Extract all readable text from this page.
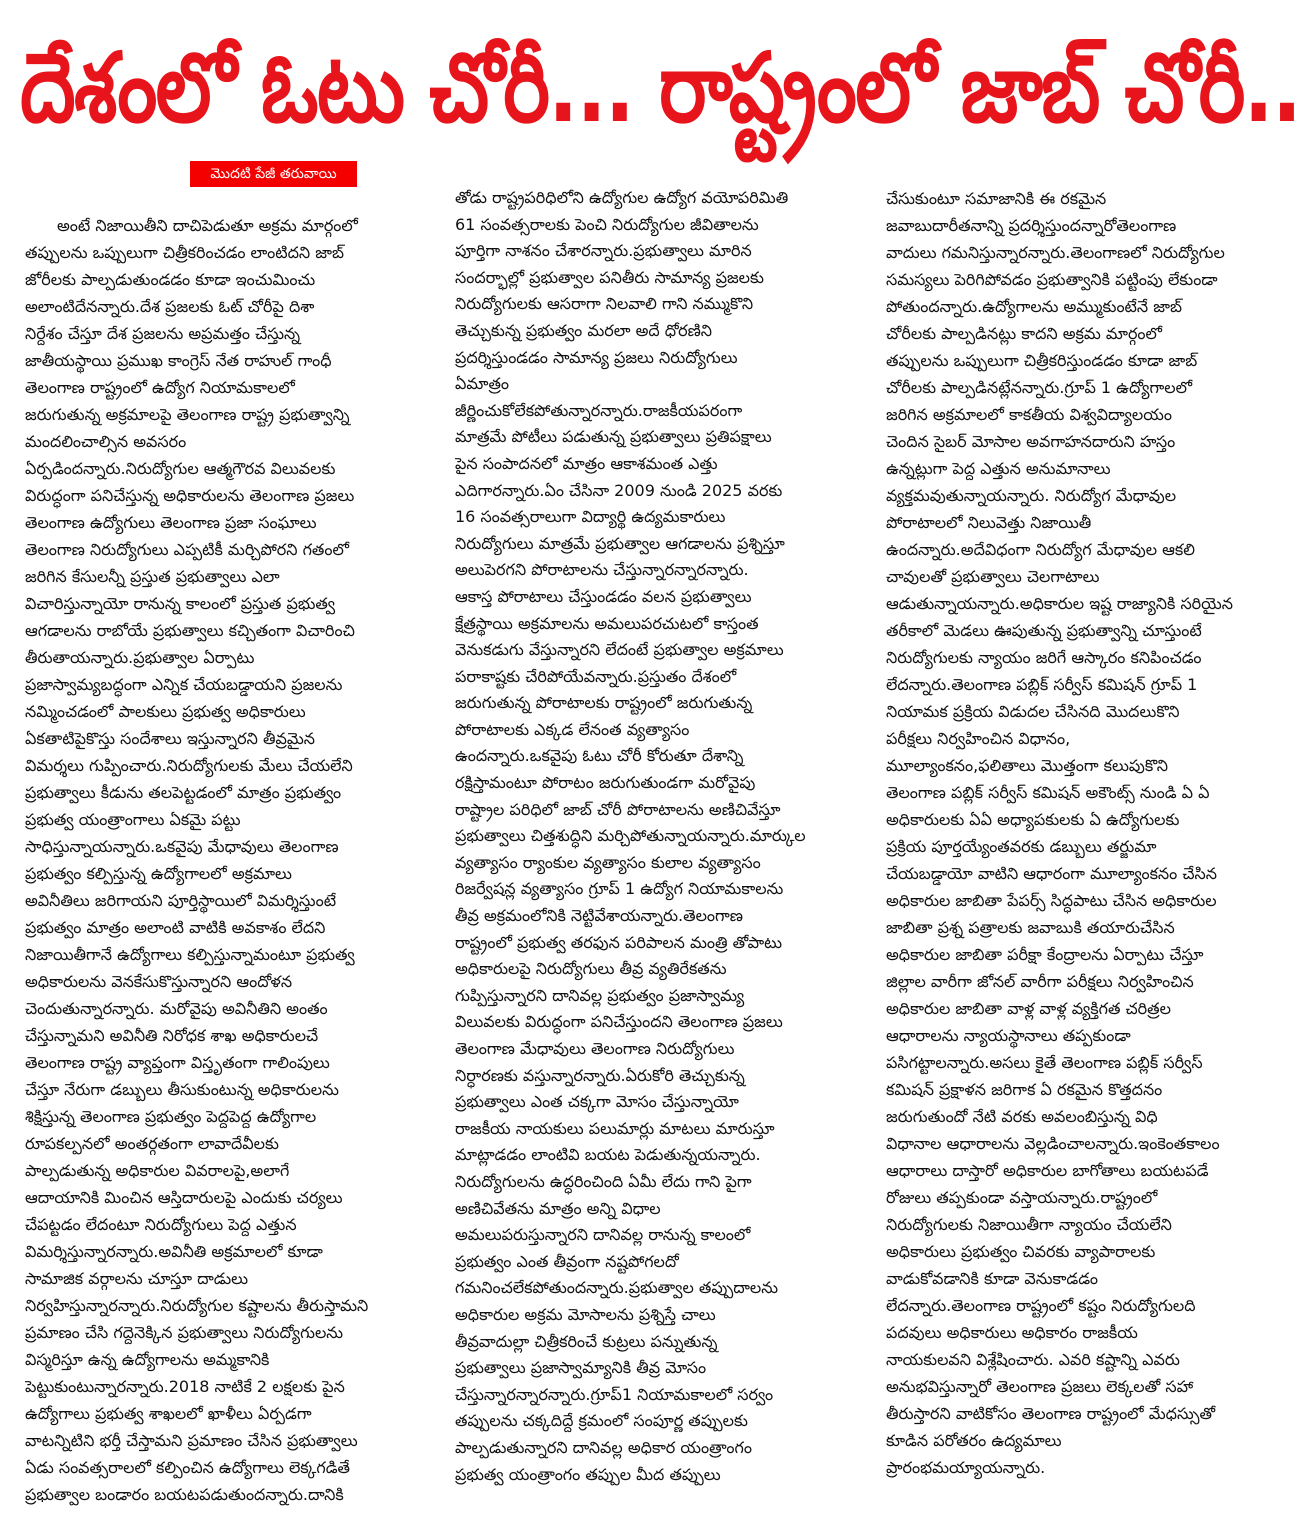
దేశంలో ఓటు చోరీ... రాష్ట్రంలో జాబ్ చోరీ..
మొదటి పేజీ తరువాయి
అంటే నిజాయితీని దాచిపెడుతూ అక్రమ మార్గంలో
తప్పులను ఒప్పులుగా చిత్రీకరించడం లాంటిదని జాబ్
జోరీలకు పాల్పడుతుండడం కూడా ఇంచుమించు
అలాంటిదేనన్నారు.దేశ ప్రజలకు ఓట్ చోరీపై దిశా
నిర్దేశం చేస్తూ దేశ ప్రజలను అప్రమత్తం చేస్తున్న
జాతీయస్థాయి ప్రముఖ కాంగ్రెస్ నేత రాహుల్ గాంధీ
తెలంగాణ రాష్ట్రంలో ఉద్యోగ నియామకాలలో
జరుగుతున్న అక్రమాలపై తెలంగాణ రాష్ట్ర ప్రభుత్వాన్ని
మందలించాల్సిన అవసరం
ఏర్పడిందన్నారు.నిరుద్యోగుల ఆత్మగౌరవ విలువలకు
విరుద్ధంగా పనిచేస్తున్న అధికారులను తెలంగాణ ప్రజలు
తెలంగాణ ఉద్యోగులు తెలంగాణ ప్రజా సంఘాలు
తెలంగాణ నిరుద్యోగులు ఎప్పటికీ మర్చిపోరని గతంలో
జరిగిన కేసులన్నీ ప్రస్తుత ప్రభుత్వాలు ఎలా
విచారిస్తున్నాయో రానున్న కాలంలో ప్రస్తుత ప్రభుత్వ
ఆగడాలను రాబోయే ప్రభుత్వాలు కచ్చితంగా విచారించి
తీరుతాయన్నారు.ప్రభుత్వాల ఏర్పాటు
ప్రజాస్వామ్యబద్ధంగా ఎన్నిక చేయబడ్డాయని ప్రజలను
నమ్మించడంలో పాలకులు ప్రభుత్వ అధికారులు
ఏకతాటిపైకొస్తు సందేశాలు ఇస్తున్నారని తీవ్రమైన
విమర్శలు గుప్పించారు.నిరుద్యోగులకు మేలు చేయలేని
ప్రభుత్వాలు కీడును తలపెట్టడంలో మాత్రం ప్రభుత్వం
ప్రభుత్వ యంత్రాంగాలు ఏకమై పట్టు
సాధిస్తున్నాయన్నారు.ఒకవైపు మేధావులు తెలంగాణ
ప్రభుత్వం కల్పిస్తున్న ఉద్యోగాలలో అక్రమాలు
అవినీతిలు జరిగాయని పూర్తిస్థాయిలో విమర్శిస్తుంటే
ప్రభుత్వం మాత్రం అలాంటి వాటికి అవకాశం లేదని
నిజాయితీగానే ఉద్యోగాలు కల్పిస్తున్నామంటూ ప్రభుత్వ
అధికారులను వెనకేసుకొస్తున్నారని ఆందోళన
చెందుతున్నారన్నారు. మరోవైపు అవినీతిని అంతం
చేస్తున్నామని అవినీతి నిరోధక శాఖ అధికారులచే
తెలంగాణ రాష్ట్ర వ్యాప్తంగా విస్తృతంగా గాలింపులు
చేస్తూ నేరుగా డబ్బులు తీసుకుంటున్న అధికారులను
శిక్షిస్తున్న తెలంగాణ ప్రభుత్వం పెద్దపెద్ద ఉద్యోగాల
రూపకల్పనలో అంతర్గతంగా లావాదేవీలకు
పాల్పడుతున్న అధికారుల వివరాలపై,అలాగే
ఆదాయానికి మించిన ఆస్తిదారులపై ఎందుకు చర్యలు
చేపట్టడం లేదంటూ నిరుద్యోగులు పెద్ద ఎత్తున
విమర్శిస్తున్నారన్నారు.అవినీతి అక్రమాలలో కూడా
సామాజిక వర్గాలను చూస్తూ దాడులు
నిర్వహిస్తున్నారన్నారు.నిరుద్యోగుల కష్టాలను తీరుస్తామని
ప్రమాణం చేసి గద్దెనెక్కిన ప్రభుత్వాలు నిరుద్యోగులను
విస్మరిస్తూ ఉన్న ఉద్యోగాలను అమ్మకానికి
పెట్టుకుంటున్నారన్నారు.2018 నాటికే 2 లక్షలకు పైన
ఉద్యోగాలు ప్రభుత్వ శాఖలలో ఖాళీలు ఏర్పడగా
వాటన్నిటిని భర్తీ చేస్తామని ప్రమాణం చేసిన ప్రభుత్వాలు
ఏడు సంవత్సరాలలో కల్పించిన ఉద్యోగాలు లెక్కగడితే
ప్రభుత్వాల బండారం బయటపడుతుందన్నారు.దానికి
తోడు రాష్ట్రపరిధిలోని ఉద్యోగుల ఉద్యోగ వయోపరిమితి
61 సంవత్సరాలకు పెంచి నిరుద్యోగుల జీవితాలను
పూర్తిగా నాశనం చేశారన్నారు.ప్రభుత్వాలు మారిన
సందర్భాల్లో ప్రభుత్వాల పనితీరు సామాన్య ప్రజలకు
నిరుద్యోగులకు ఆసరాగా నిలవాలి గాని నమ్ముకొని
తెచ్చుకున్న ప్రభుత్వం మరలా అదే ధోరణిని
ప్రదర్శిస్తుండడం సామాన్య ప్రజలు నిరుద్యోగులు
ఏమాత్రం
జీర్ణించుకోలేకపోతున్నారన్నారు.రాజకీయపరంగా
మాత్రమే పోటీలు పడుతున్న ప్రభుత్వాలు ప్రతిపక్షాలు
పైన సంపాదనలో మాత్రం ఆకాశమంత ఎత్తు
ఎదిగారన్నారు.ఏం చేసినా 2009 నుండి 2025 వరకు
16 సంవత్సరాలుగా విద్యార్థి ఉద్యమకారులు
నిరుద్యోగులు మాత్రమే ప్రభుత్వాల ఆగడాలను ప్రశ్నిస్తూ
అలుపెరగని పోరాటాలను చేస్తున్నారన్నారన్నారు.
ఆకాస్త పోరాటాలు చేస్తుండడం వలన ప్రభుత్వాలు
క్షేత్రస్థాయి అక్రమాలను అమలుపరచుటలో కాస్తంత
వెనుకడుగు వేస్తున్నారని లేదంటే ప్రభుత్వాల అక్రమాలు
పరాకాష్టకు చేరిపోయేవన్నారు.ప్రస్తుతం దేశంలో
జరుగుతున్న పోరాటాలకు రాష్ట్రంలో జరుగుతున్న
పోరాటాలకు ఎక్కడ లేనంత వ్యత్యాసం
ఉందన్నారు.ఒకవైపు ఓటు చోరీ కోరుతూ దేశాన్ని
రక్షిస్తామంటూ పోరాటం జరుగుతుండగా మరోవైపు
రాష్ట్రాల పరిధిలో జాబ్ చోరీ పోరాటాలను అణిచివేస్తూ
ప్రభుత్వాలు చిత్తశుద్ధిని మర్చిపోతున్నాయన్నారు.మార్కుల
వ్యత్యాసం ర్యాంకుల వ్యత్యాసం కులాల వ్యత్యాసం
రిజర్వేషన్ల వ్యత్యాసం గ్రూప్ 1 ఉద్యోగ నియామకాలను
తీవ్ర అక్రమంలోనికి నెట్టివేశాయన్నారు.తెలంగాణ
రాష్ట్రంలో ప్రభుత్వ తరఫున పరిపాలన మంత్రి తోపాటు
అధికారులపై నిరుద్యోగులు తీవ్ర వ్యతిరేకతను
గుప్పిస్తున్నారని దానివల్ల ప్రభుత్వం ప్రజాస్వామ్య
విలువలకు విరుద్ధంగా పనిచేస్తుందని తెలంగాణ ప్రజలు
తెలంగాణ మేధావులు తెలంగాణ నిరుద్యోగులు
నిర్ధారణకు వస్తున్నారన్నారు.ఏరుకోరి తెచ్చుకున్న
ప్రభుత్వాలు ఎంత చక్కగా మోసం చేస్తున్నాయో
రాజకీయ నాయకులు పలుమార్లు మాటలు మారుస్తూ
మాట్లాడడం లాంటివి బయట పెడుతున్నయన్నారు.
నిరుద్యోగులను ఉద్ధరించింది ఏమీ లేదు గాని పైగా
అణిచివేతను మాత్రం అన్ని విధాల
అమలుపరుస్తున్నారని దానివల్ల రానున్న కాలంలో
ప్రభుత్వం ఎంత తీవ్రంగా నష్టపోగలదో
గమనించలేకపోతుందన్నారు.ప్రభుత్వాల తప్పుదాలను
అధికారుల అక్రమ మోసాలను ప్రశ్నిస్తే చాలు
తీవ్రవాదుల్లా చిత్రీకరించే కుట్రలు పన్నుతున్న
ప్రభుత్వాలు ప్రజాస్వామ్యానికి తీవ్ర మోసం
చేస్తున్నారన్నారన్నారు.గ్రూప్1 నియామకాలలో సర్వం
తప్పులను చక్కదిద్దే క్రమంలో సంపూర్ణ తప్పులకు
పాల్పడుతున్నారని దానివల్ల అధికార యంత్రాంగం
ప్రభుత్వ యంత్రాంగం తప్పుల మీద తప్పులు
చేసుకుంటూ సమాజానికి ఈ రకమైన
జవాబుదారీతనాన్ని ప్రదర్శిస్తుందన్నారోతెలంగాణ
వాదులు గమనిస్తున్నారన్నారు.తెలంగాణలో నిరుద్యోగుల
సమస్యలు పెరిగిపోవడం ప్రభుత్వానికి పట్టింపు లేకుండా
పోతుందన్నారు.ఉద్యోగాలను అమ్ముకుంటేనే జాబ్
చోరీలకు పాల్పడినట్లు కాదని అక్రమ మార్గంలో
తప్పులను ఒప్పులుగా చిత్రీకరిస్తుండడం కూడా జాబ్
చోరీలకు పాల్పడినట్లేనన్నారు.గ్రూప్ 1 ఉద్యోగాలలో
జరిగిన అక్రమాలలో కాకతీయ విశ్వవిద్యాలయం
చెందిన సైబర్ మోసాల అవగాహనదారుని హస్తం
ఉన్నట్లుగా పెద్ద ఎత్తున అనుమానాలు
వ్యక్తమవుతున్నాయన్నారు. నిరుద్యోగ మేధావుల
పోరాటాలలో నిలువెత్తు నిజాయితీ
ఉందన్నారు.అదేవిధంగా నిరుద్యోగ మేధావుల ఆకలి
చావులతో ప్రభుత్వాలు చెలగాటాలు
ఆడుతున్నాయన్నారు.అధికారుల ఇష్ట రాజ్యానికి సరియైన
తరీకాలో మెడలు ఊపుతున్న ప్రభుత్వాన్ని చూస్తుంటే
నిరుద్యోగులకు న్యాయం జరిగే ఆస్కారం కనిపించడం
లేదన్నారు.తెలంగాణ పబ్లిక్ సర్వీస్ కమిషన్ గ్రూప్ 1
నియామక ప్రక్రియ విడుదల చేసినది మొదలుకొని
పరీక్షలు నిర్వహించిన విధానం,
మూల్యాంకనం,ఫలితాలు మొత్తంగా కలుపుకొని
తెలంగాణ పబ్లిక్ సర్వీస్ కమిషన్ అకౌంట్స్ నుండి ఏ ఏ
అధికారులకు ఏఏ అధ్యాపకులకు ఏ ఉద్యోగులకు
ప్రక్రియ పూర్తయ్యేంతవరకు డబ్బులు తర్జుమా
చేయబడ్డాయో వాటిని ఆధారంగా మూల్యాంకనం చేసిన
అధికారుల జాబితా పేపర్స్ సిద్ధపాటు చేసిన అధికారుల
జాబితా ప్రశ్న పత్రాలకు జవాబుకి తయారుచేసిన
అధికారుల జాబితా పరీక్షా కేంద్రాలను ఏర్పాటు చేస్తూ
జిల్లాల వారీగా జోనల్ వారీగా పరీక్షలు నిర్వహించిన
అధికారుల జాబితా వాళ్ల వాళ్ల వ్యక్తిగత చరిత్రల
ఆధారాలను న్యాయస్థానాలు తప్పకుండా
పసిగట్టాలన్నారు.అసలు కైతే తెలంగాణ పబ్లిక్ సర్వీస్
కమిషన్ ప్రక్షాళన జరిగాక ఏ రకమైన కొత్తదనం
జరుగుతుందో నేటి వరకు అవలంబిస్తున్న విధి
విధానాల ఆధారాలను వెల్లడించాలన్నారు.ఇంకెంతకాలం
ఆధారాలు దాస్తారో అధికారుల బాగోతాలు బయటపడే
రోజులు తప్పకుండా వస్తాయన్నారు.రాష్ట్రంలో
నిరుద్యోగులకు నిజాయితీగా న్యాయం చేయలేని
అధికారులు ప్రభుత్వం చివరకు వ్యాపారాలకు
వాడుకోవడానికి కూడా వెనుకాడడం
లేదన్నారు.తెలంగాణ రాష్ట్రంలో కష్టం నిరుద్యోగులది
పదవులు అధికారులు అధికారం రాజకీయ
నాయకులవని విశ్లేషించారు. ఎవరి కష్టాన్ని ఎవరు
అనుభవిస్తున్నారో తెలంగాణ ప్రజలు లెక్కలతో సహా
తీరుస్తారని వాటికోసం తెలంగాణ రాష్ట్రంలో మేధస్సుతో
కూడిన పరోతరం ఉద్యమాలు
ప్రారంభమయ్యాయన్నారు.
